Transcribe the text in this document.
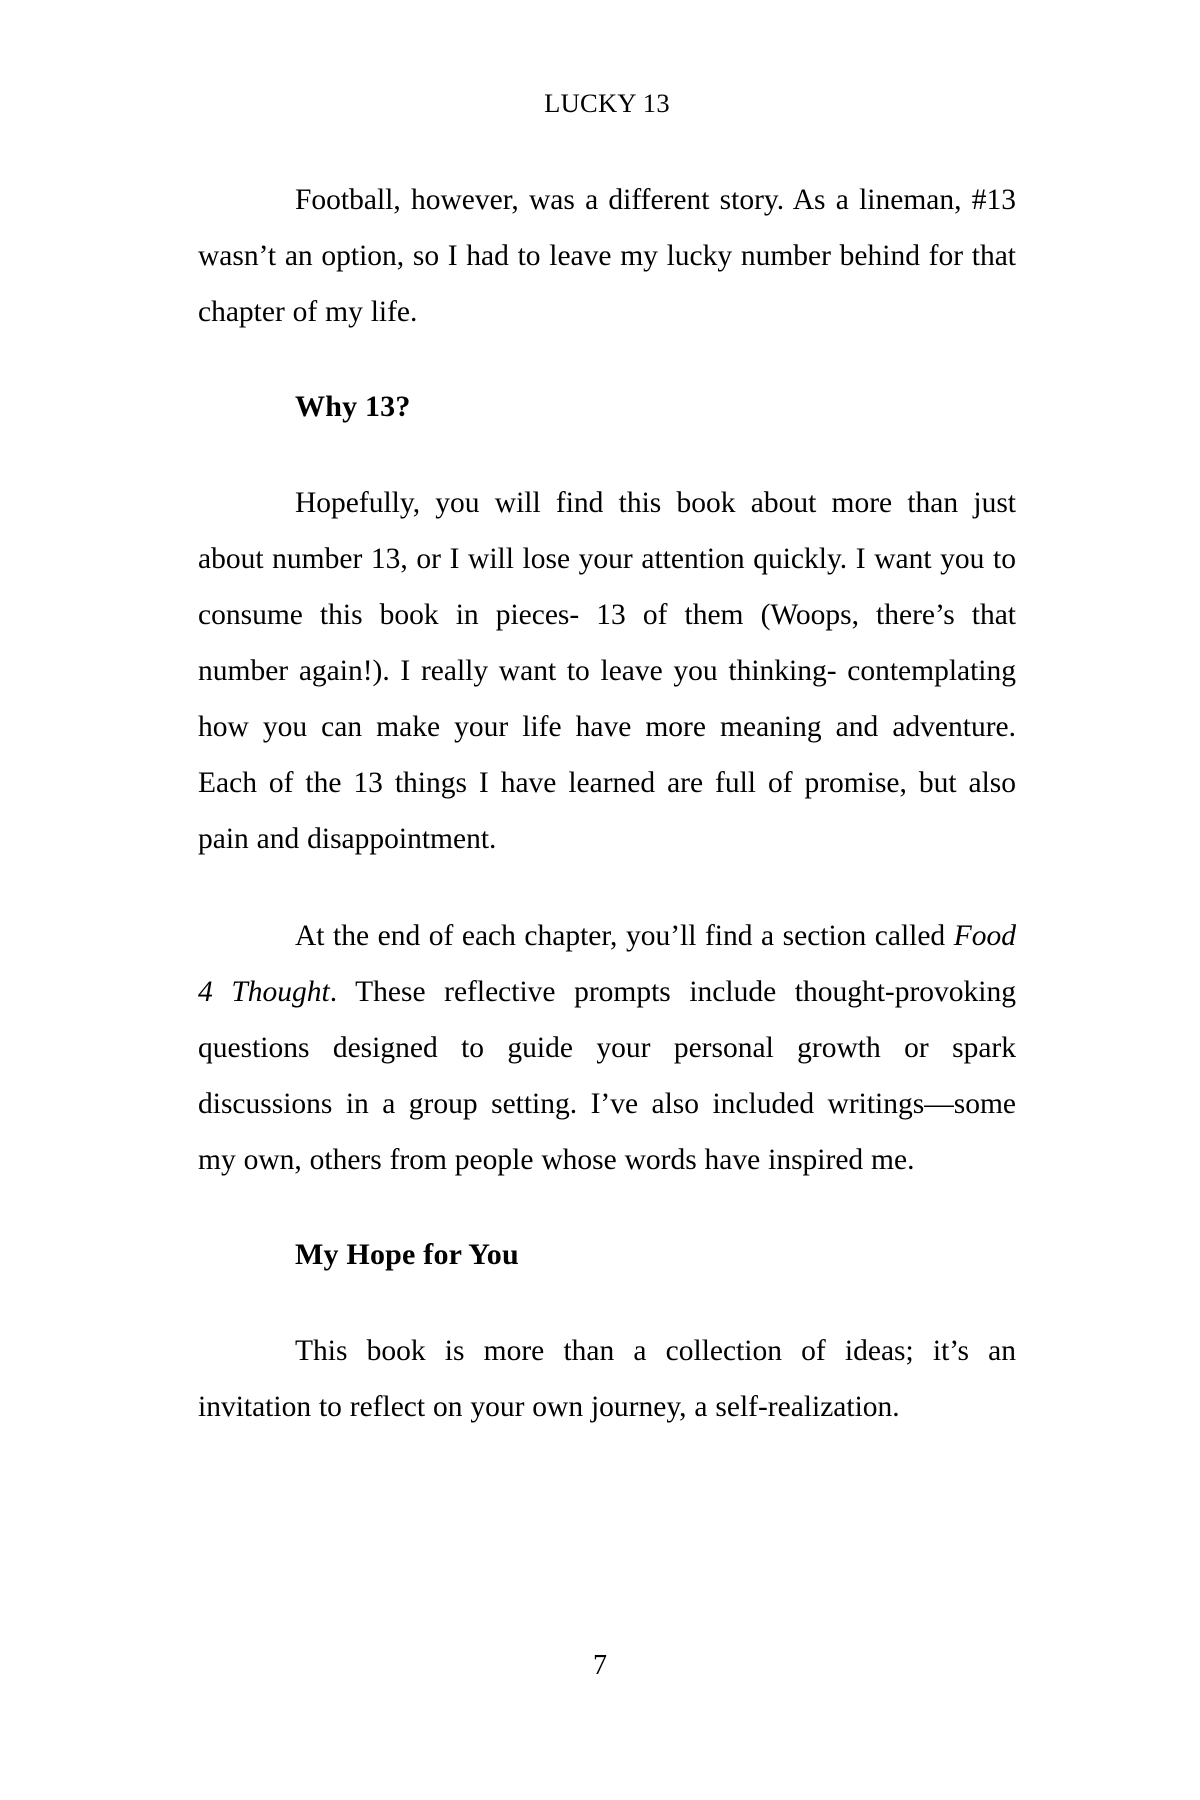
LUCKY 13

Football, however, was a different story. As a lineman, #13 wasn’t an option, so I had to leave my lucky number behind for that chapter of my life.

Why 13?

Hopefully, you will find this book about more than just about number 13, or I will lose your attention quickly. I want you to consume this book in pieces- 13 of them (Woops, there’s that number again!). I really want to leave you thinking- contemplating how you can make your life have more meaning and adventure. Each of the 13 things I have learned are full of promise, but also pain and disappointment.

At the end of each chapter, you’ll find a section called Food 4 Thought. These reflective prompts include thought-provoking questions designed to guide your personal growth or spark discussions in a group setting. I’ve also included writings—some my own, others from people whose words have inspired me.

My Hope for You

This book is more than a collection of ideas; it’s an invitation to reflect on your own journey, a self-realization.

7
